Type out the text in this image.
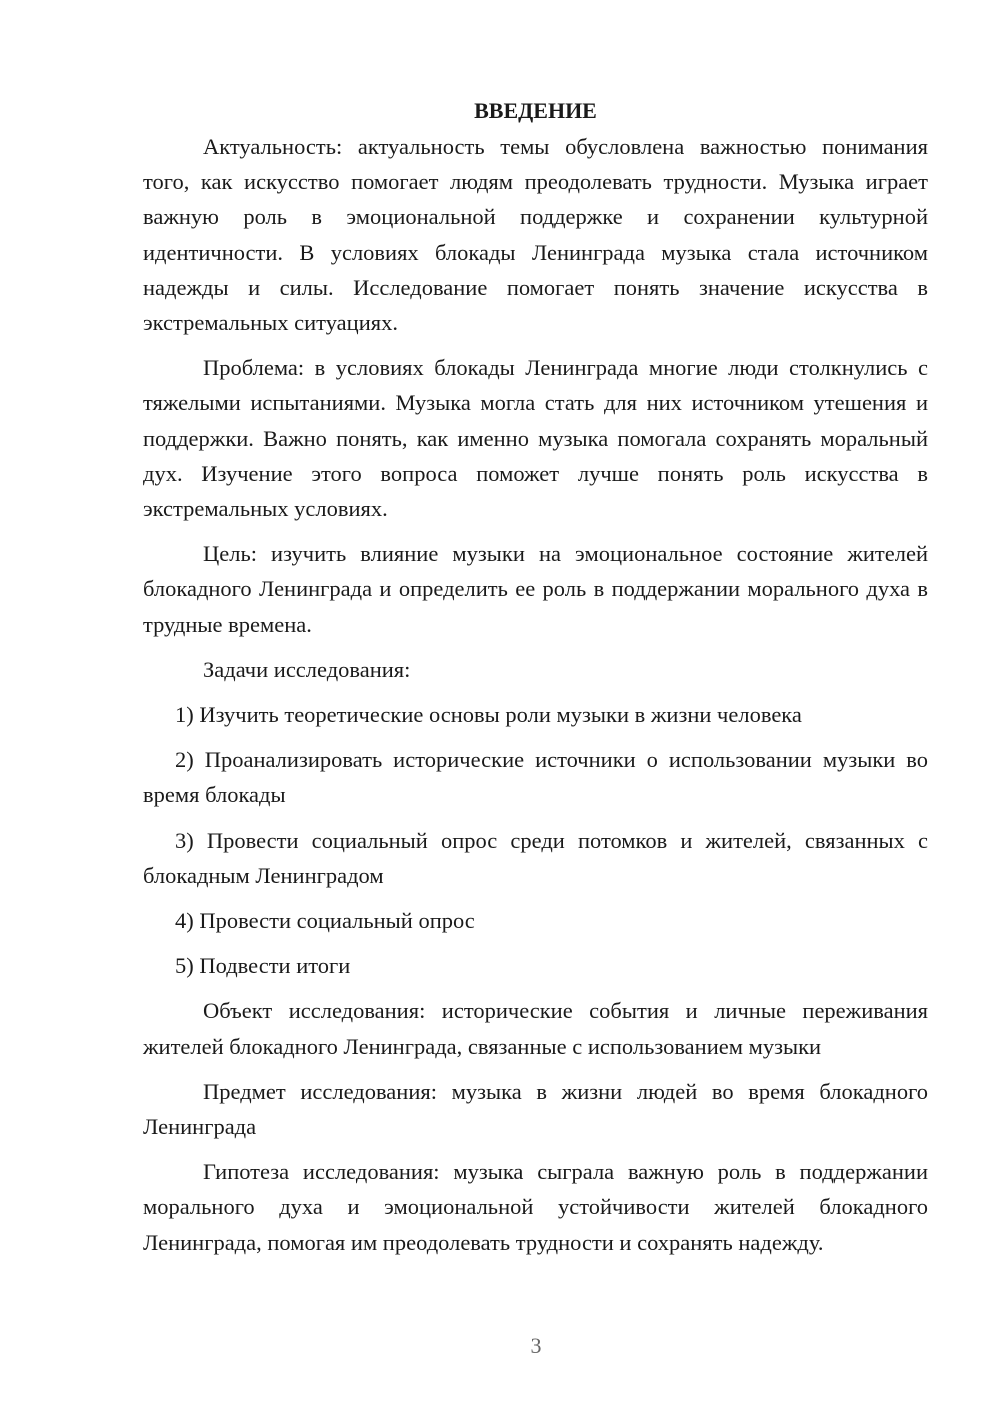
ВВЕДЕНИЕ

Актуальность: актуальность темы обусловлена важностью понимания того, как искусство помогает людям преодолевать трудности. Музыка играет важную роль в эмоциональной поддержке и сохранении культурной идентичности. В условиях блокады Ленинграда музыка стала источником надежды и силы. Исследование помогает понять значение искусства в экстремальных ситуациях.

Проблема: в условиях блокады Ленинграда многие люди столкнулись с тяжелыми испытаниями. Музыка могла стать для них источником утешения и поддержки. Важно понять, как именно музыка помогала сохранять моральный дух. Изучение этого вопроса поможет лучше понять роль искусства в экстремальных условиях.

Цель: изучить влияние музыки на эмоциональное состояние жителей блокадного Ленинграда и определить ее роль в поддержании морального духа в трудные времена.

Задачи исследования:

1) Изучить теоретические основы роли музыки в жизни человека

2) Проанализировать исторические источники о использовании музыки во время блокады

3) Провести социальный опрос среди потомков и жителей, связанных с блокадным Ленинградом

4) Провести социальный опрос

5) Подвести итоги

Объект исследования: исторические события и личные переживания жителей блокадного Ленинграда, связанные с использованием музыки

Предмет исследования: музыка в жизни людей во время блокадного Ленинграда

Гипотеза исследования: музыка сыграла важную роль в поддержании морального духа и эмоциональной устойчивости жителей блокадного Ленинграда, помогая им преодолевать трудности и сохранять надежду.

3
